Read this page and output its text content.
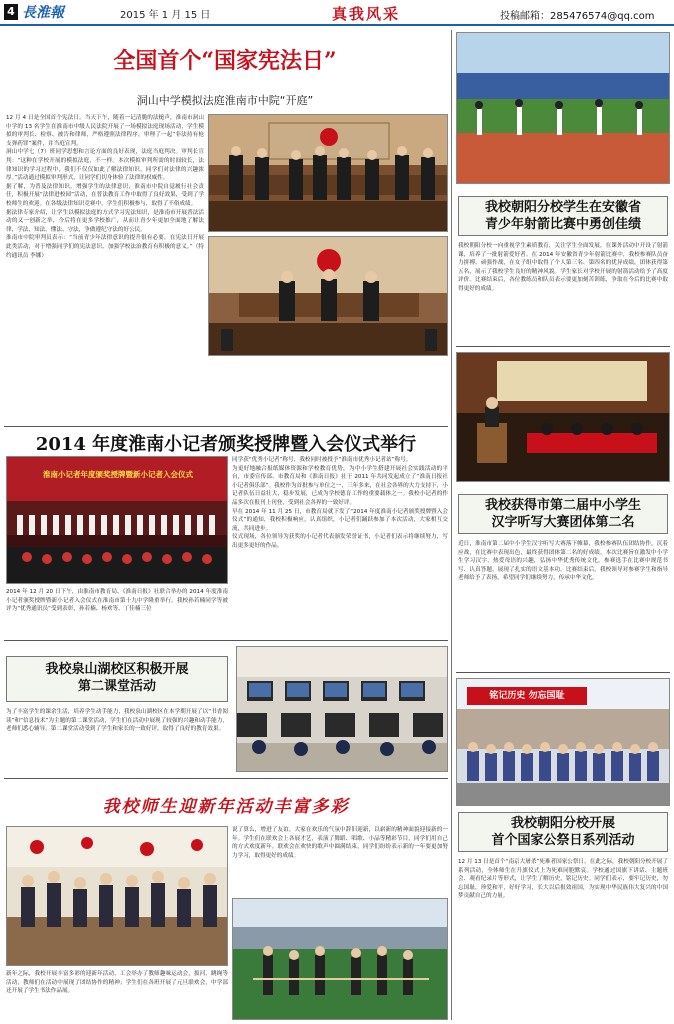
4 長淮報	2015 年 1 月 15 日	真我风采	投稿邮箱：285476574@qq.com
全国首个“国家宪法日”
洞山中学模拟法庭淮南市中院“开庭”
12 月 4 日是全国首个宪法日。当天下午，随着一记清脆的法槌声，淮南市洞山中学的 13 名学生在淮南市中级人民法院开展了一场模拟法庭现场活动，学生模拟的审判长、检察、被告和律师，严格遵照法律程序，审理了一起“非法持有枪支弹药罪”案件，并当庭宣判。
洞山中学七（7）班同学思想和言论方面的良好表现，法庭当庭判决。审判长宣判：“这种在学校开展的模拟法庭，不一样。本次模拟审判所需的时间较长，法律知识的学习过程中，我们不仅仅如此了解法律知识，同学们对法律的兴趣浓厚。”活动通过模拟审判形式，让同学们切身体验了法律的权威性。
据了解，为普及法律知识，增强学生的法律意识，淮南市中院自觉履行社会责任，积极开展“法律进校园”活动，在普法教育工作中取得了良好效果，受到了学校师生的欢迎。在各级法律知识竞赛中，学生们积极参与，取得了不俗成绩。
据法律专家介绍，让学生以模拟法庭的方式学习宪法知识，是淮南市开展普法活动的又一创新之举，今后将在更多学校推广，从而让青少年更加全面地了解法律，学法、知法、懂法、守法，争做遵纪守法的好公民。
淮南市中院审判员表示：“当前青少年法律意识的提升很有必要，在宪法日开展此类活动，对于增强同学们的宪法意识、加强学校法治教育有积极的意义。”（特约通讯员 李娜）
2014 年度淮南小记者颁奖授牌暨入会仪式举行
淮南小记者年度颁奖授牌暨新小记者入会仪式
2014 年 12 月 20 日下午，由淮南市教育局、《淮南日报》社联合举办的 2014 年度淮南小记者颁奖授牌暨新小记者入会仪式在淮南市第十九中学隆重举行。我校孙若楠同学等被评为“优秀通讯员”受到表彰，孙若楠、杨欢等、丁佳楠三位
同学获“优秀小记者”称号，我校同时被授予“淮南市优秀小记者站”称号。
为更好地融合报纸媒体资源和学校教育优势，为中小学生搭建开展社会实践活动的平台，市委宣传部、市教育局和《淮南日报》社于 2011 年共同发起成立了“淮南日报社小记者俱乐部”。我校作为首批参与单位之一，三年多来，在社会各界的大力支持下，小记者队伍日益壮大，稳步发展，已成为学校德育工作的重要载体之一。我校小记者的作品多次在报刊上刊登，受到社会各界的一致好评。
早在 2014 年 11 月 25 日，市教育局就下发了“2014 年度淮南小记者颁奖授牌暨入会仪式”的通知，我校积极响应，认真组织，小记者们踊跃参加了本次活动，大家相互交流，共同进步。
仪式现场，各位领导为获奖的小记者代表颁发荣誉证书，小记者们表示将继续努力，写出更多更好的作品。
我校泉山湖校区积极开展
第二课堂活动
为了丰富学生的课余生活，培养学生动手能力，我校泉山湖校区在本学期开展了以“书香阅读”和“信息技术”为主题的第二课堂活动，学生们在活动中展现了较强的兴趣和动手能力，老师们悉心辅导，第二课堂活动受到了学生和家长的一致好评，取得了良好的教育效果。
我校师生迎新年活动丰富多彩
新年之际，我校开展丰富多彩的迎新年活动，工会举办了教师趣味运动会，拔河、跳绳等活动，教师们在活动中展现了团结协作的精神；学生们在各班开展了元旦联欢会，中学部还开展了学生书法作品展。
说了算么，增进了友谊。大家在欢乐的气氛中辞旧迎新，以崭新的精神面貌迎接新的一年。学生们在联欢会上各展才艺，表演了舞蹈、唱歌、小品等精彩节目，同学们用自己的方式欢度新年。联欢会在欢快的歌声中圆满结束，同学们纷纷表示新的一年要更加努力学习，取得更好的成绩。
我校朝阳分校学生在安徽省
青少年射箭比赛中勇创佳绩
我校朝阳分校一向重视学生素质教育，关注学生全面发展，在课外活动中开设了射箭课，培养了一批射箭爱好者。在 2014 年安徽省青少年射箭比赛中，我校参赛队员奋力拼搏、顽强作战，在女子组中取得了个人第三名、第四名的优异成绩，团体获得第五名，展示了我校学生良好的精神风貌。学生家长对学校开展的射箭活动给予了高度评价。比赛结束后，各位教练员和队员表示要更加刻苦训练，争取在今后的比赛中取得更好的成绩。
我校获得市第二届中小学生
汉字听写大赛团体第二名
近日，淮南市第二届中小学生汉字听写大赛落下帷幕，我校参赛队伍团结协作，沉着应战，在比赛中表现出色，最终获得团体第二名的好成绩。本次比赛旨在激发中小学生学习汉字、热爱母语的兴趣，弘扬中华优秀传统文化。参赛选手在比赛中规范书写、认真答题，展现了扎实的语文基本功。比赛结束后，我校领导对参赛学生和指导老师给予了表扬，希望同学们继续努力，传承中华文化。
铭记历史 勿忘国耻
我校朝阳分校开展
首个国家公祭日系列活动
12 月 13 日是首个“南京大屠杀”死难者国家公祭日。在此之际，我校朝阳分校开展了系列活动，全体师生在升旗仪式上为死难同胞默哀。学校通过国旗下讲话、主题班会、观看纪录片等形式，让学生了解历史，铭记历史。同学们表示，要牢记历史，勿忘国耻，珍爱和平，好好学习，长大以后报效祖国，为实现中华民族伟大复兴的中国梦贡献自己的力量。
